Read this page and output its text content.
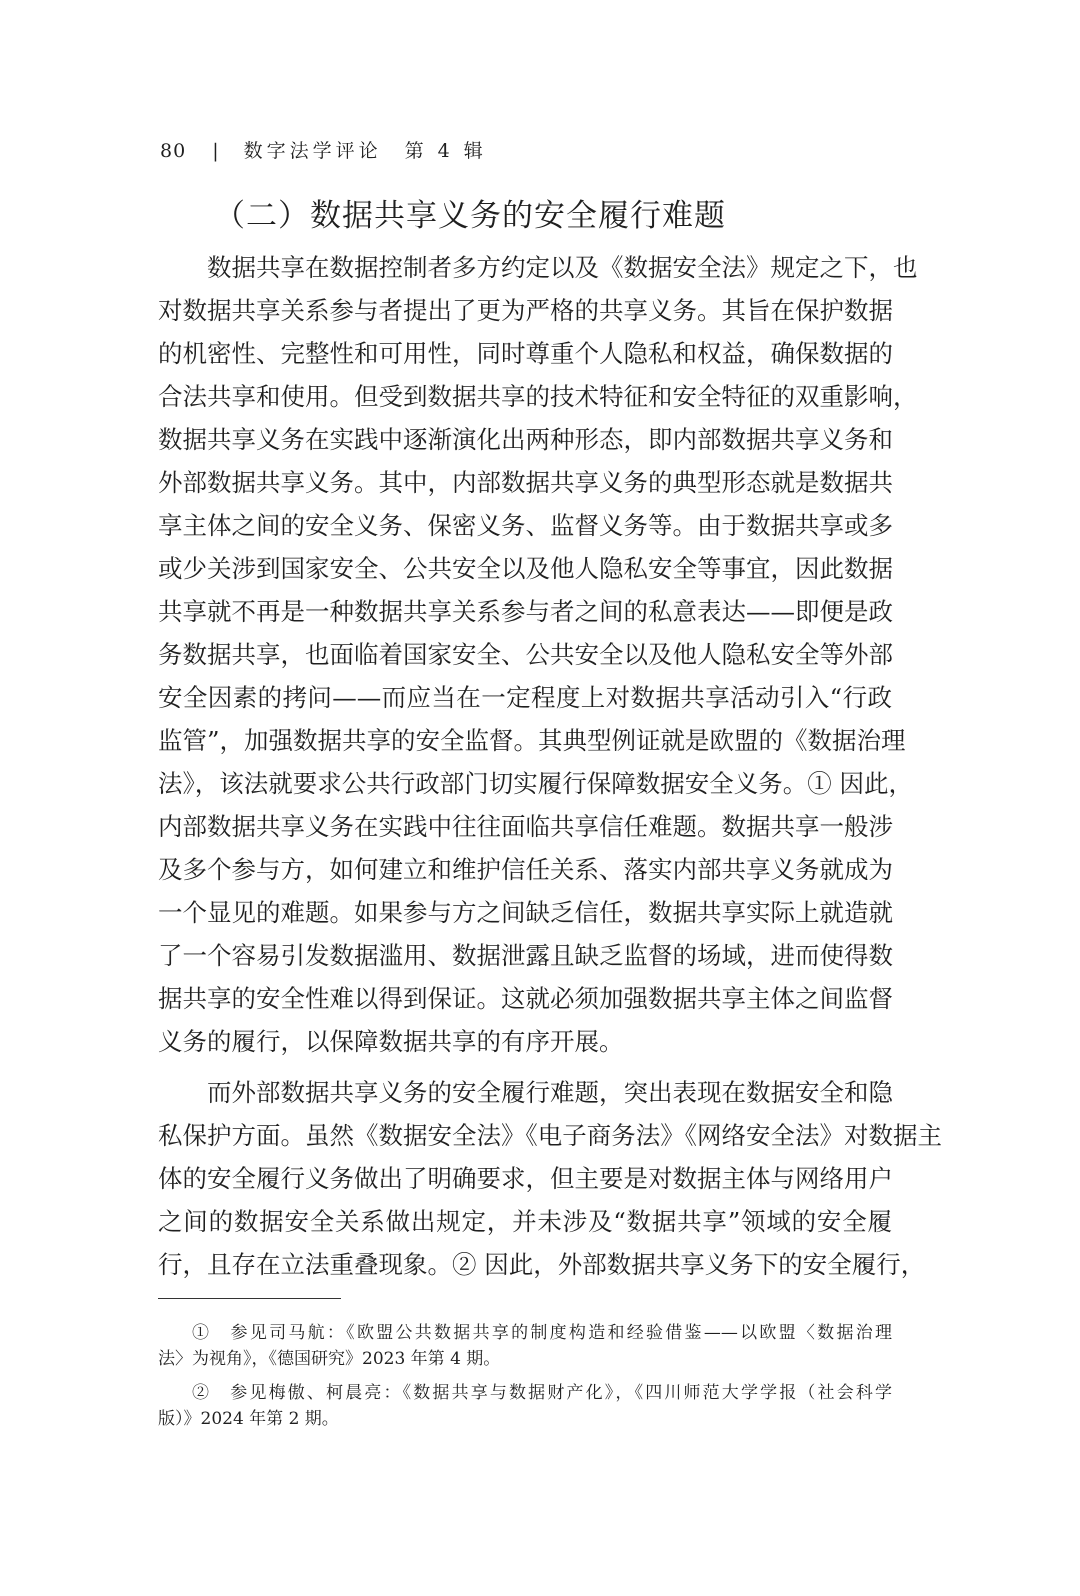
80 | 数字法学评论　第 4 辑
（二）数据共享义务的安全履行难题
数据共享在数据控制者多方约定以及《数据安全法》规定之下，也
对数据共享关系参与者提出了更为严格的共享义务。其旨在保护数据
的机密性、完整性和可用性，同时尊重个人隐私和权益，确保数据的
合法共享和使用。但受到数据共享的技术特征和安全特征的双重影响，
数据共享义务在实践中逐渐演化出两种形态，即内部数据共享义务和
外部数据共享义务。其中，内部数据共享义务的典型形态就是数据共
享主体之间的安全义务、保密义务、监督义务等。由于数据共享或多
或少关涉到国家安全、公共安全以及他人隐私安全等事宜，因此数据
共享就不再是一种数据共享关系参与者之间的私意表达——即便是政
务数据共享，也面临着国家安全、公共安全以及他人隐私安全等外部
安全因素的拷问——而应当在一定程度上对数据共享活动引入“行政
监管”，加强数据共享的安全监督。其典型例证就是欧盟的《数据治理
法》，该法就要求公共行政部门切实履行保障数据安全义务。① 因此，
内部数据共享义务在实践中往往面临共享信任难题。数据共享一般涉
及多个参与方，如何建立和维护信任关系、落实内部共享义务就成为
一个显见的难题。如果参与方之间缺乏信任，数据共享实际上就造就
了一个容易引发数据滥用、数据泄露且缺乏监督的场域，进而使得数
据共享的安全性难以得到保证。这就必须加强数据共享主体之间监督
义务的履行，以保障数据共享的有序开展。
而外部数据共享义务的安全履行难题，突出表现在数据安全和隐
私保护方面。虽然《数据安全法》《电子商务法》《网络安全法》对数据主
体的安全履行义务做出了明确要求，但主要是对数据主体与网络用户
之间的数据安全关系做出规定，并未涉及“数据共享”领域的安全履
行，且存在立法重叠现象。② 因此，外部数据共享义务下的安全履行，
①　参见司马航：《欧盟公共数据共享的制度构造和经验借鉴——以欧盟〈数据治理
法〉为视角》，《德国研究》2023 年第 4 期。
②　参见梅傲、柯晨亮：《数据共享与数据财产化》，《四川师范大学学报（社会科学
版）》2024 年第 2 期。
